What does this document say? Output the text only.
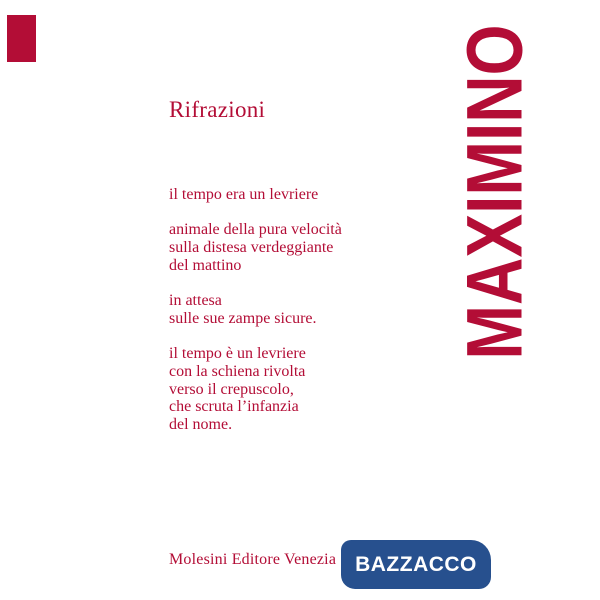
Rifrazioni
il tempo era un levriere
animale della pura velocità
sulla distesa verdeggiante
del mattino
in attesa
sulle sue zampe sicure.
il tempo è un levriere
con la schiena rivolta
verso il crepuscolo,
che scruta l’infanzia
del nome.
MAXIMINO
Molesini Editore Venezia BAZZACCO
